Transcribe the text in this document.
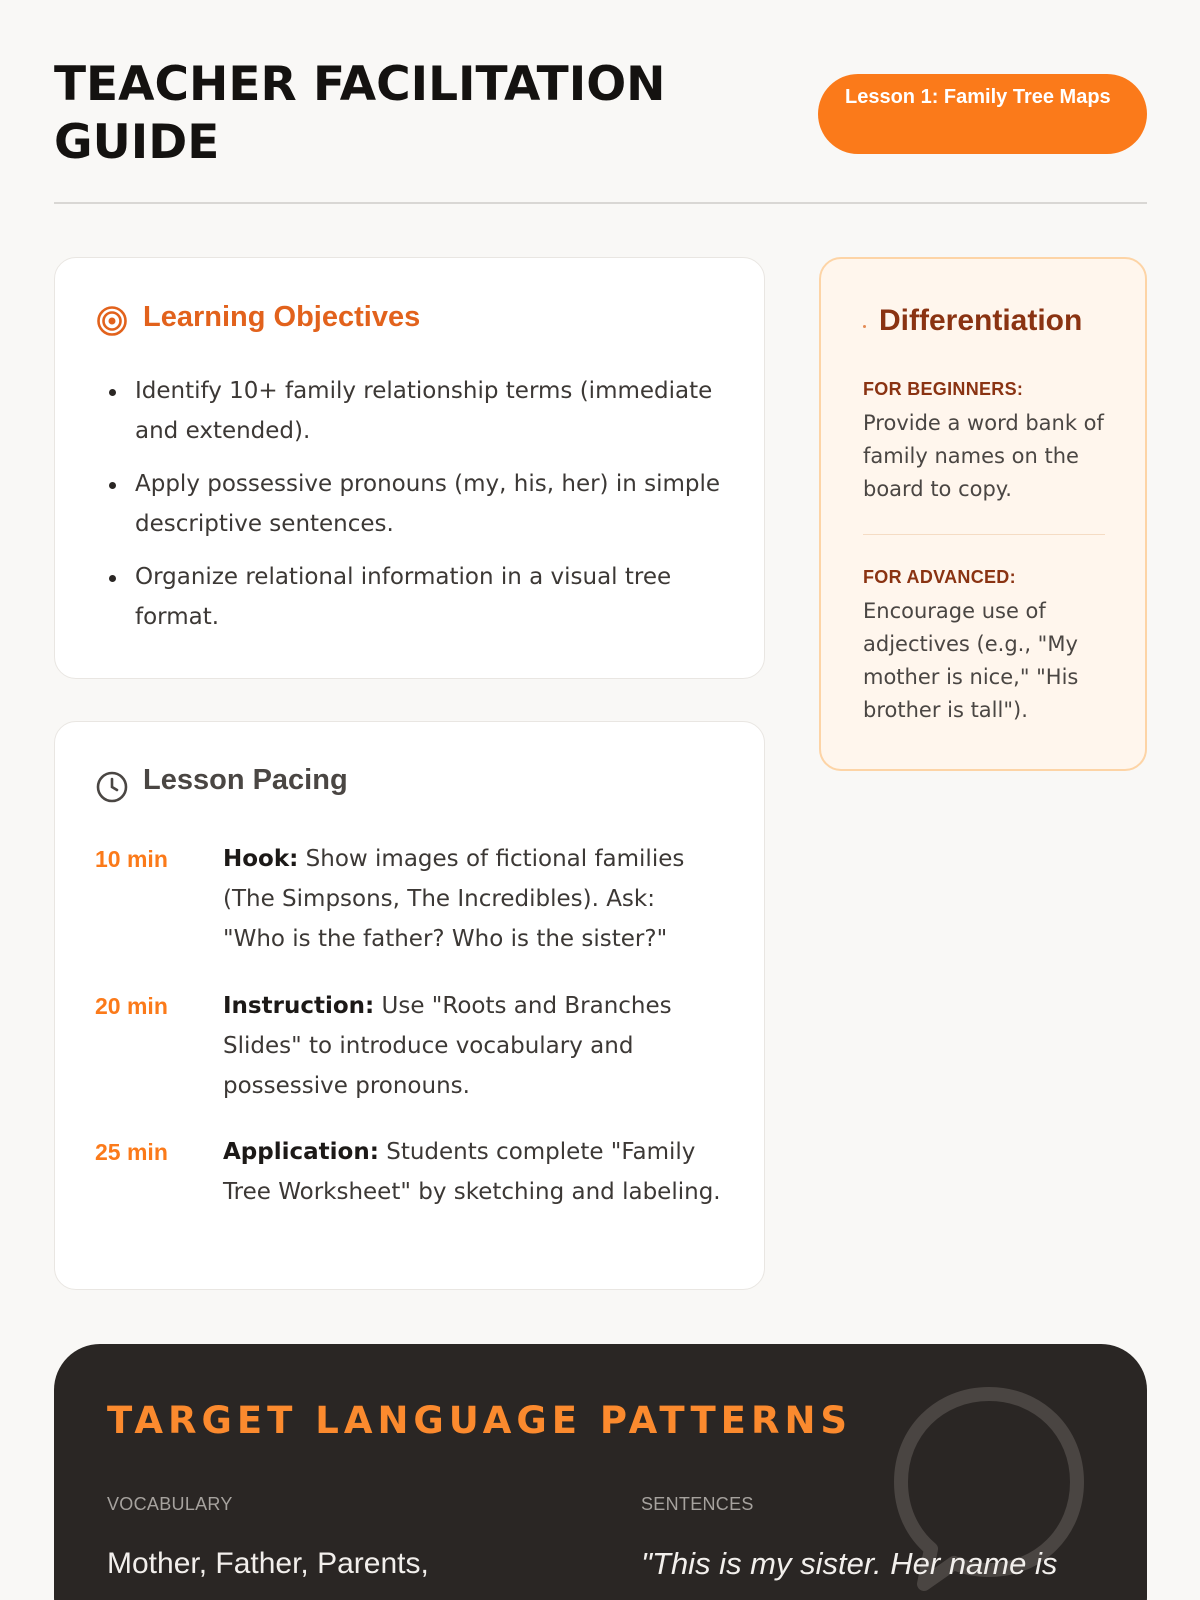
TEACHER FACILITATION GUIDE
Lesson 1: Family Tree Maps
Learning Objectives
Identify 10+ family relationship terms (immediate and extended).
Apply possessive pronouns (my, his, her) in simple descriptive sentences.
Organize relational information in a visual tree format.
Lesson Pacing
10 min Hook: Show images of fictional families (The Simpsons, The Incredibles). Ask: "Who is the father? Who is the sister?"
20 min Instruction: Use "Roots and Branches Slides" to introduce vocabulary and possessive pronouns.
25 min Application: Students complete "Family Tree Worksheet" by sketching and labeling.
Differentiation
FOR BEGINNERS:
Provide a word bank of family names on the board to copy.
FOR ADVANCED:
Encourage use of adjectives (e.g., "My mother is nice," "His brother is tall").
TARGET LANGUAGE PATTERNS
VOCABULARY	SENTENCES
Mother, Father, Parents,	"This is my sister. Her name is
